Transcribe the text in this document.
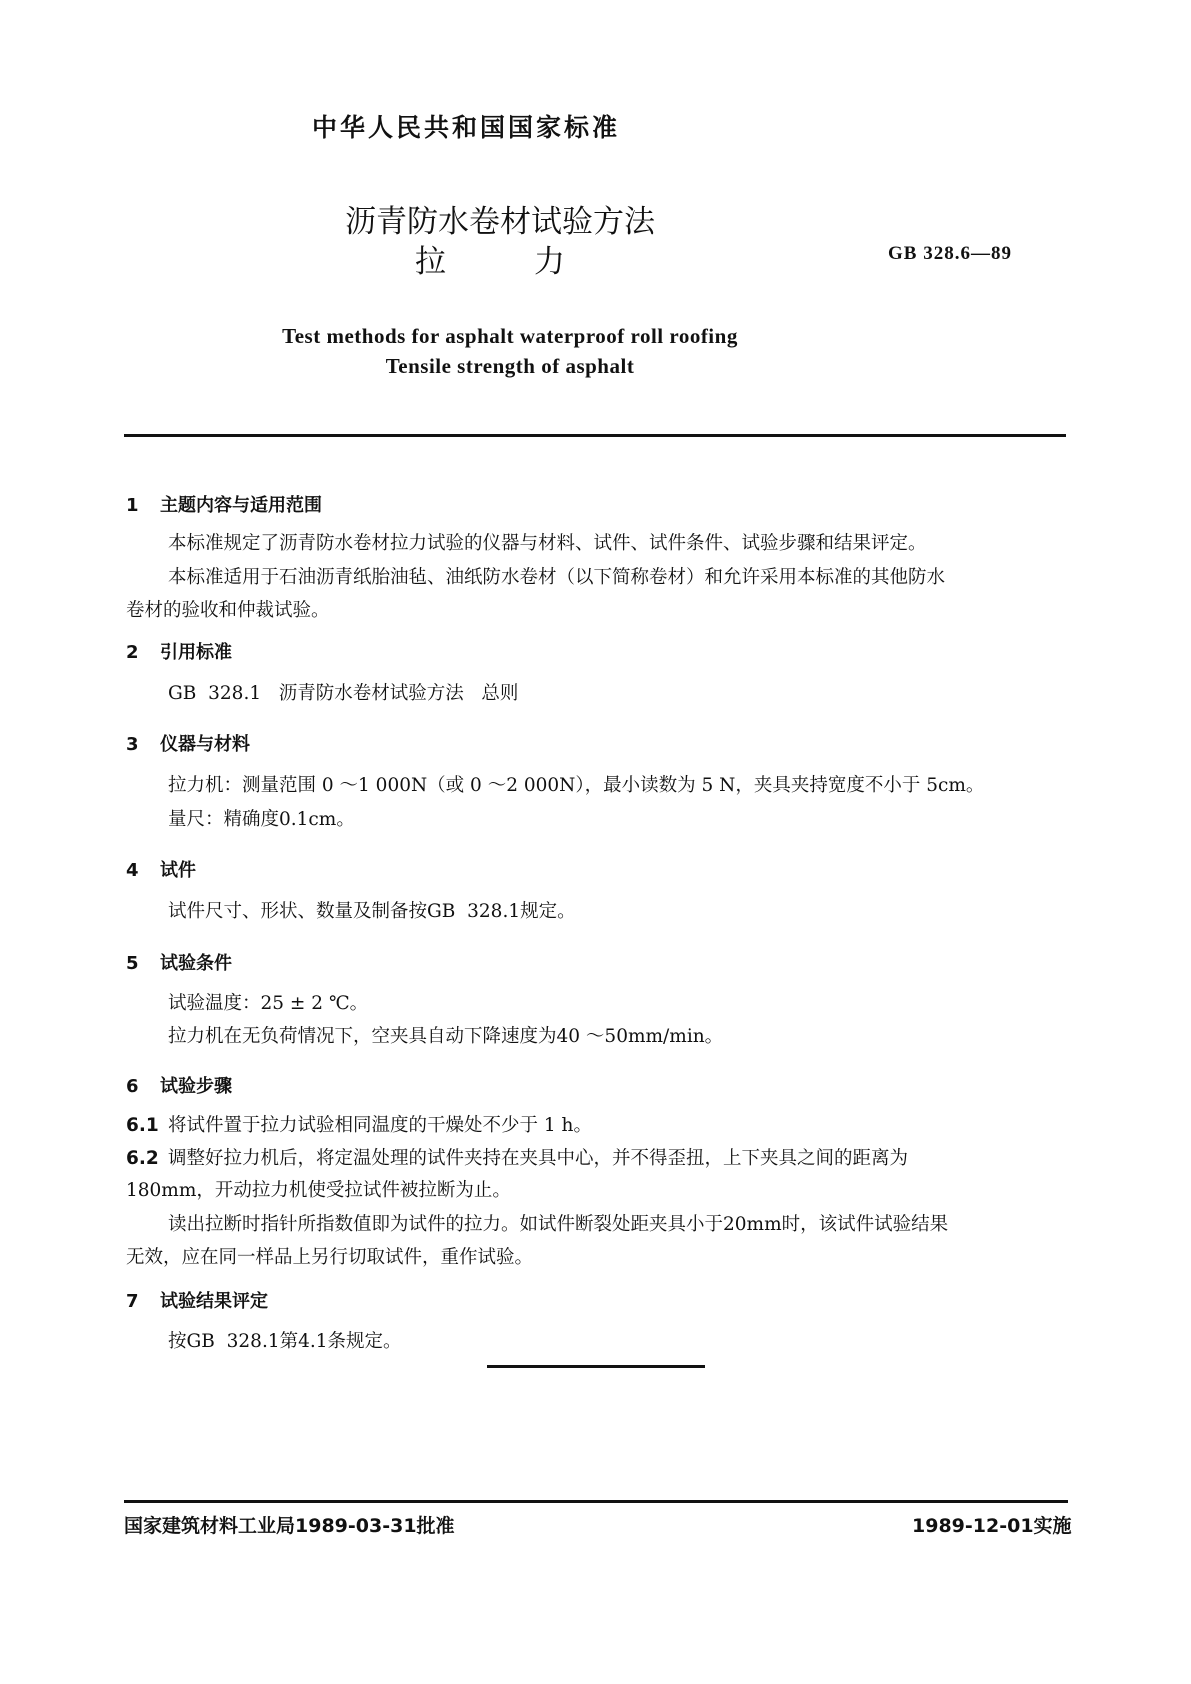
中华人民共和国国家标准
沥青防水卷材试验方法
拉	力	GB 328.6—89
Test methods for asphalt waterproof roll roofing
Tensile strength of asphalt
1 主题内容与适用范围
本标准规定了沥青防水卷材拉力试验的仪器与材料、试件、试件条件、试验步骤和结果评定。
本标准适用于石油沥青纸胎油毡、油纸防水卷材（以下简称卷材）和允许采用本标准的其他防水
卷材的验收和仲裁试验。
2 引用标准
GB  328.1   沥青防水卷材试验方法   总则
3 仪器与材料
拉力机：测量范围 0 ～1 000N（或 0 ～2 000N），最小读数为 5 N，夹具夹持宽度不小于 5cm。
量尺：精确度0.1cm。
4 试件
试件尺寸、形状、数量及制备按GB  328.1规定。
5 试验条件
试验温度：25 ± 2 ℃。
拉力机在无负荷情况下，空夹具自动下降速度为40 ～50mm/min。
6 试验步骤
6.1 将试件置于拉力试验相同温度的干燥处不少于 1 h。
6.2 调整好拉力机后，将定温处理的试件夹持在夹具中心，并不得歪扭，上下夹具之间的距离为
180mm，开动拉力机使受拉试件被拉断为止。
读出拉断时指针所指数值即为试件的拉力。如试件断裂处距夹具小于20mm时，该试件试验结果
无效，应在同一样品上另行切取试件，重作试验。
7 试验结果评定
按GB  328.1第4.1条规定。
国家建筑材料工业局1989-03-31批准	1989-12-01实施
